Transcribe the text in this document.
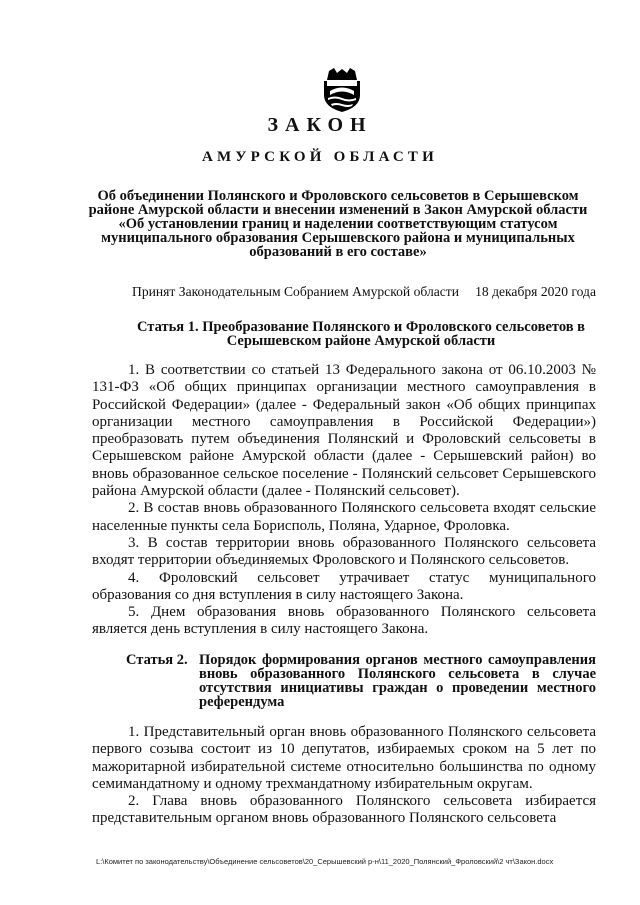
ЗАКОН
АМУРСКОЙ ОБЛАСТИ
Об объединении Полянского и Фроловского сельсоветов в Серышевском районе Амурской области и внесении изменений в Закон Амурской области «Об установлении границ и наделении соответствующим статусом муниципального образования Серышевского района и муниципальных образований в его составе»
Принят Законодательным Собранием Амурской области 18 декабря 2020 года
Статья 1. Преобразование Полянского и Фроловского сельсоветов в Серышевском районе Амурской области

1. В соответствии со статьей 13 Федерального закона от 06.10.2003 № 131-ФЗ «Об общих принципах организации местного самоуправления в Российской Федерации» (далее - Федеральный закон «Об общих принципах организации местного самоуправления в Российской Федерации») преобразовать путем объединения Полянский и Фроловский сельсоветы в Серышевском районе Амурской области (далее - Серышевский район) во вновь образованное сельское поселение - Полянский сельсовет Серышевского района Амурской области (далее - Полянский сельсовет).

2. В состав вновь образованного Полянского сельсовета входят сельские населенные пункты села Борисполь, Поляна, Ударное, Фроловка.

3. В состав территории вновь образованного Полянского сельсовета входят территории объединяемых Фроловского и Полянского сельсоветов.

4. Фроловский сельсовет утрачивает статус муниципального образования со дня вступления в силу настоящего Закона.

5. Днем образования вновь образованного Полянского сельсовета является день вступления в силу настоящего Закона.

Статья 2. Порядок формирования органов местного самоуправления вновь образованного Полянского сельсовета в случае отсутствия инициативы граждан о проведении местного референдума

1. Представительный орган вновь образованного Полянского сельсовета первого созыва состоит из 10 депутатов, избираемых сроком на 5 лет по мажоритарной избирательной системе относительно большинства по одному семимандатному и одному трехмандатному избирательным округам.

2. Глава вновь образованного Полянского сельсовета избирается представительным органом вновь образованного Полянского сельсовета

L:\Комитет по законодательству\Объединение сельсоветов\20_Серышевский р-н\11_2020_Полянский_Фроловский\2 чт\Закон.docx
